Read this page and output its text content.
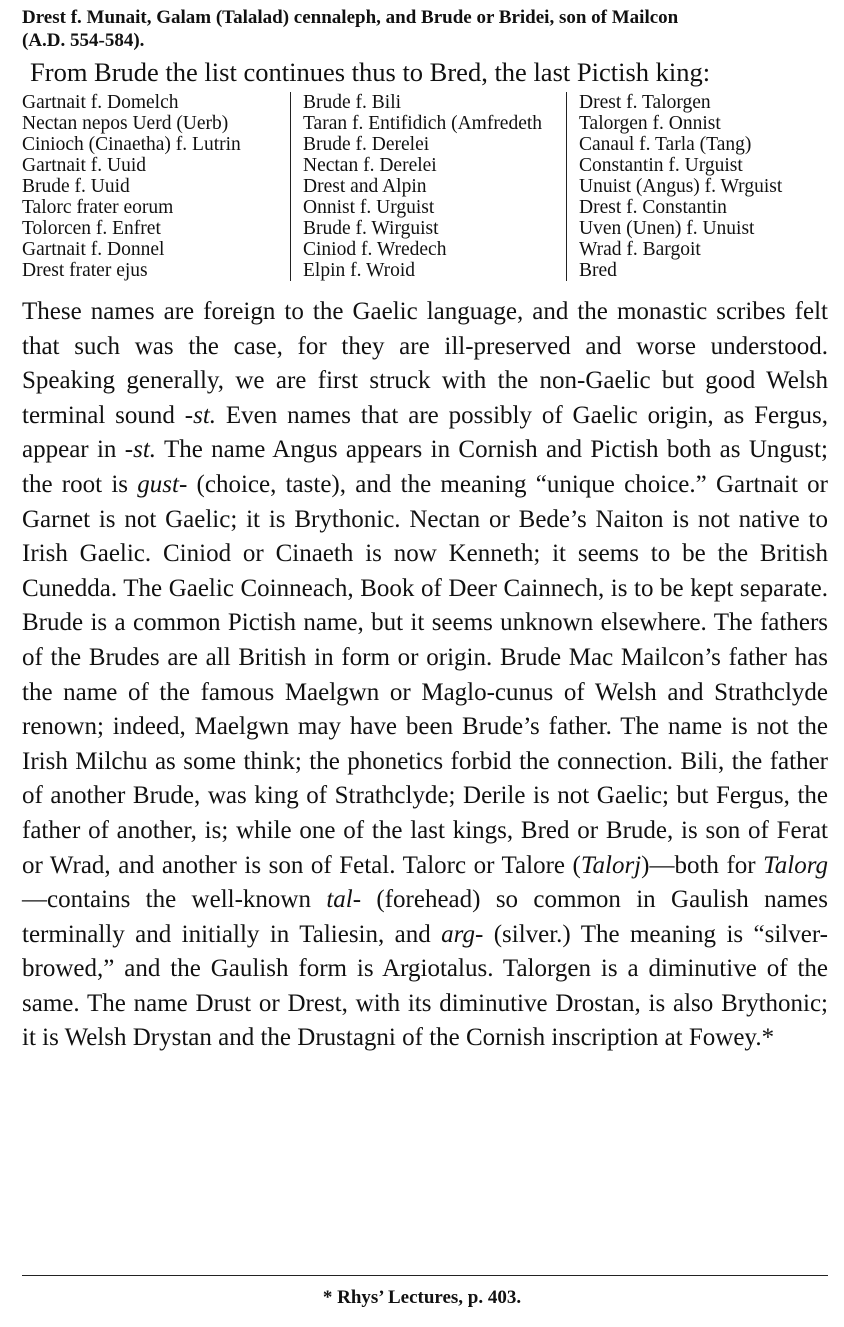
Drest f. Munait, Galam (Talalad) cennaleph, and Brude or Bridei, son of Mailcon

(A.D. 554-584).

From Brude the list continues thus to Bred, the last Pictish king:

Gartnait f. Domelch
Nectan nepos Uerd (Uerb)
Cinioch (Cinaetha) f. Lutrin
Gartnait f. Uuid
Brude f. Uuid
Talorc frater eorum
Tolorcen f. Enfret
Gartnait f. Donnel
Drest frater ejus
Brude f. Bili
Taran f. Entifidich (Amfredeth
Brude f. Derelei
Nectan f. Derelei
Drest and Alpin
Onnist f. Urguist
Brude f. Wirguist
Ciniod f. Wredech
Elpin f. Wroid
Drest f. Talorgen
Talorgen f. Onnist
Canaul f. Tarla (Tang)
Constantin f. Urguist
Unuist (Angus) f. Wrguist
Drest f. Constantin
Uven (Unen) f. Unuist
Wrad f. Bargoit
Bred

These names are foreign to the Gaelic language, and the monastic scribes felt that such was the case, for they are ill-preserved and worse understood. Speaking generally, we are first struck with the non-Gaelic but good Welsh terminal sound -st. Even names that are possibly of Gaelic origin, as Fergus, appear in -st. The name Angus appears in Cornish and Pictish both as Ungust; the root is gust- (choice, taste), and the meaning “unique choice.” Gartnait or Garnet is not Gaelic; it is Brythonic. Nectan or Bede’s Naiton is not native to Irish Gaelic. Ciniod or Cinaeth is now Kenneth; it seems to be the British Cunedda. The Gaelic Coinneach, Book of Deer Cainnech, is to be kept separate. Brude is a common Pictish name, but it seems unknown elsewhere. The fathers of the Brudes are all British in form or origin. Brude Mac Mailcon’s father has the name of the famous Maelgwn or Maglo-cunus of Welsh and Strathclyde renown; indeed, Maelgwn may have been Brude’s father. The name is not the Irish Milchu as some think; the phonetics forbid the connection. Bili, the father of another Brude, was king of Strathclyde; Derile is not Gaelic; but Fergus, the father of another, is; while one of the last kings, Bred or Brude, is son of Ferat or Wrad, and another is son of Fetal. Talorc or Talore (Talorj)—both for Talorg—contains the well-known tal- (forehead) so common in Gaulish names terminally and initially in Taliesin, and arg- (silver.) The meaning is “silver-browed,” and the Gaulish form is Argiotalus. Talorgen is a diminutive of the same. The name Drust or Drest, with its diminutive Drostan, is also Brythonic; it is Welsh Drystan and the Drustagni of the Cornish inscription at Fowey.*

* Rhys’ Lectures, p. 403.
